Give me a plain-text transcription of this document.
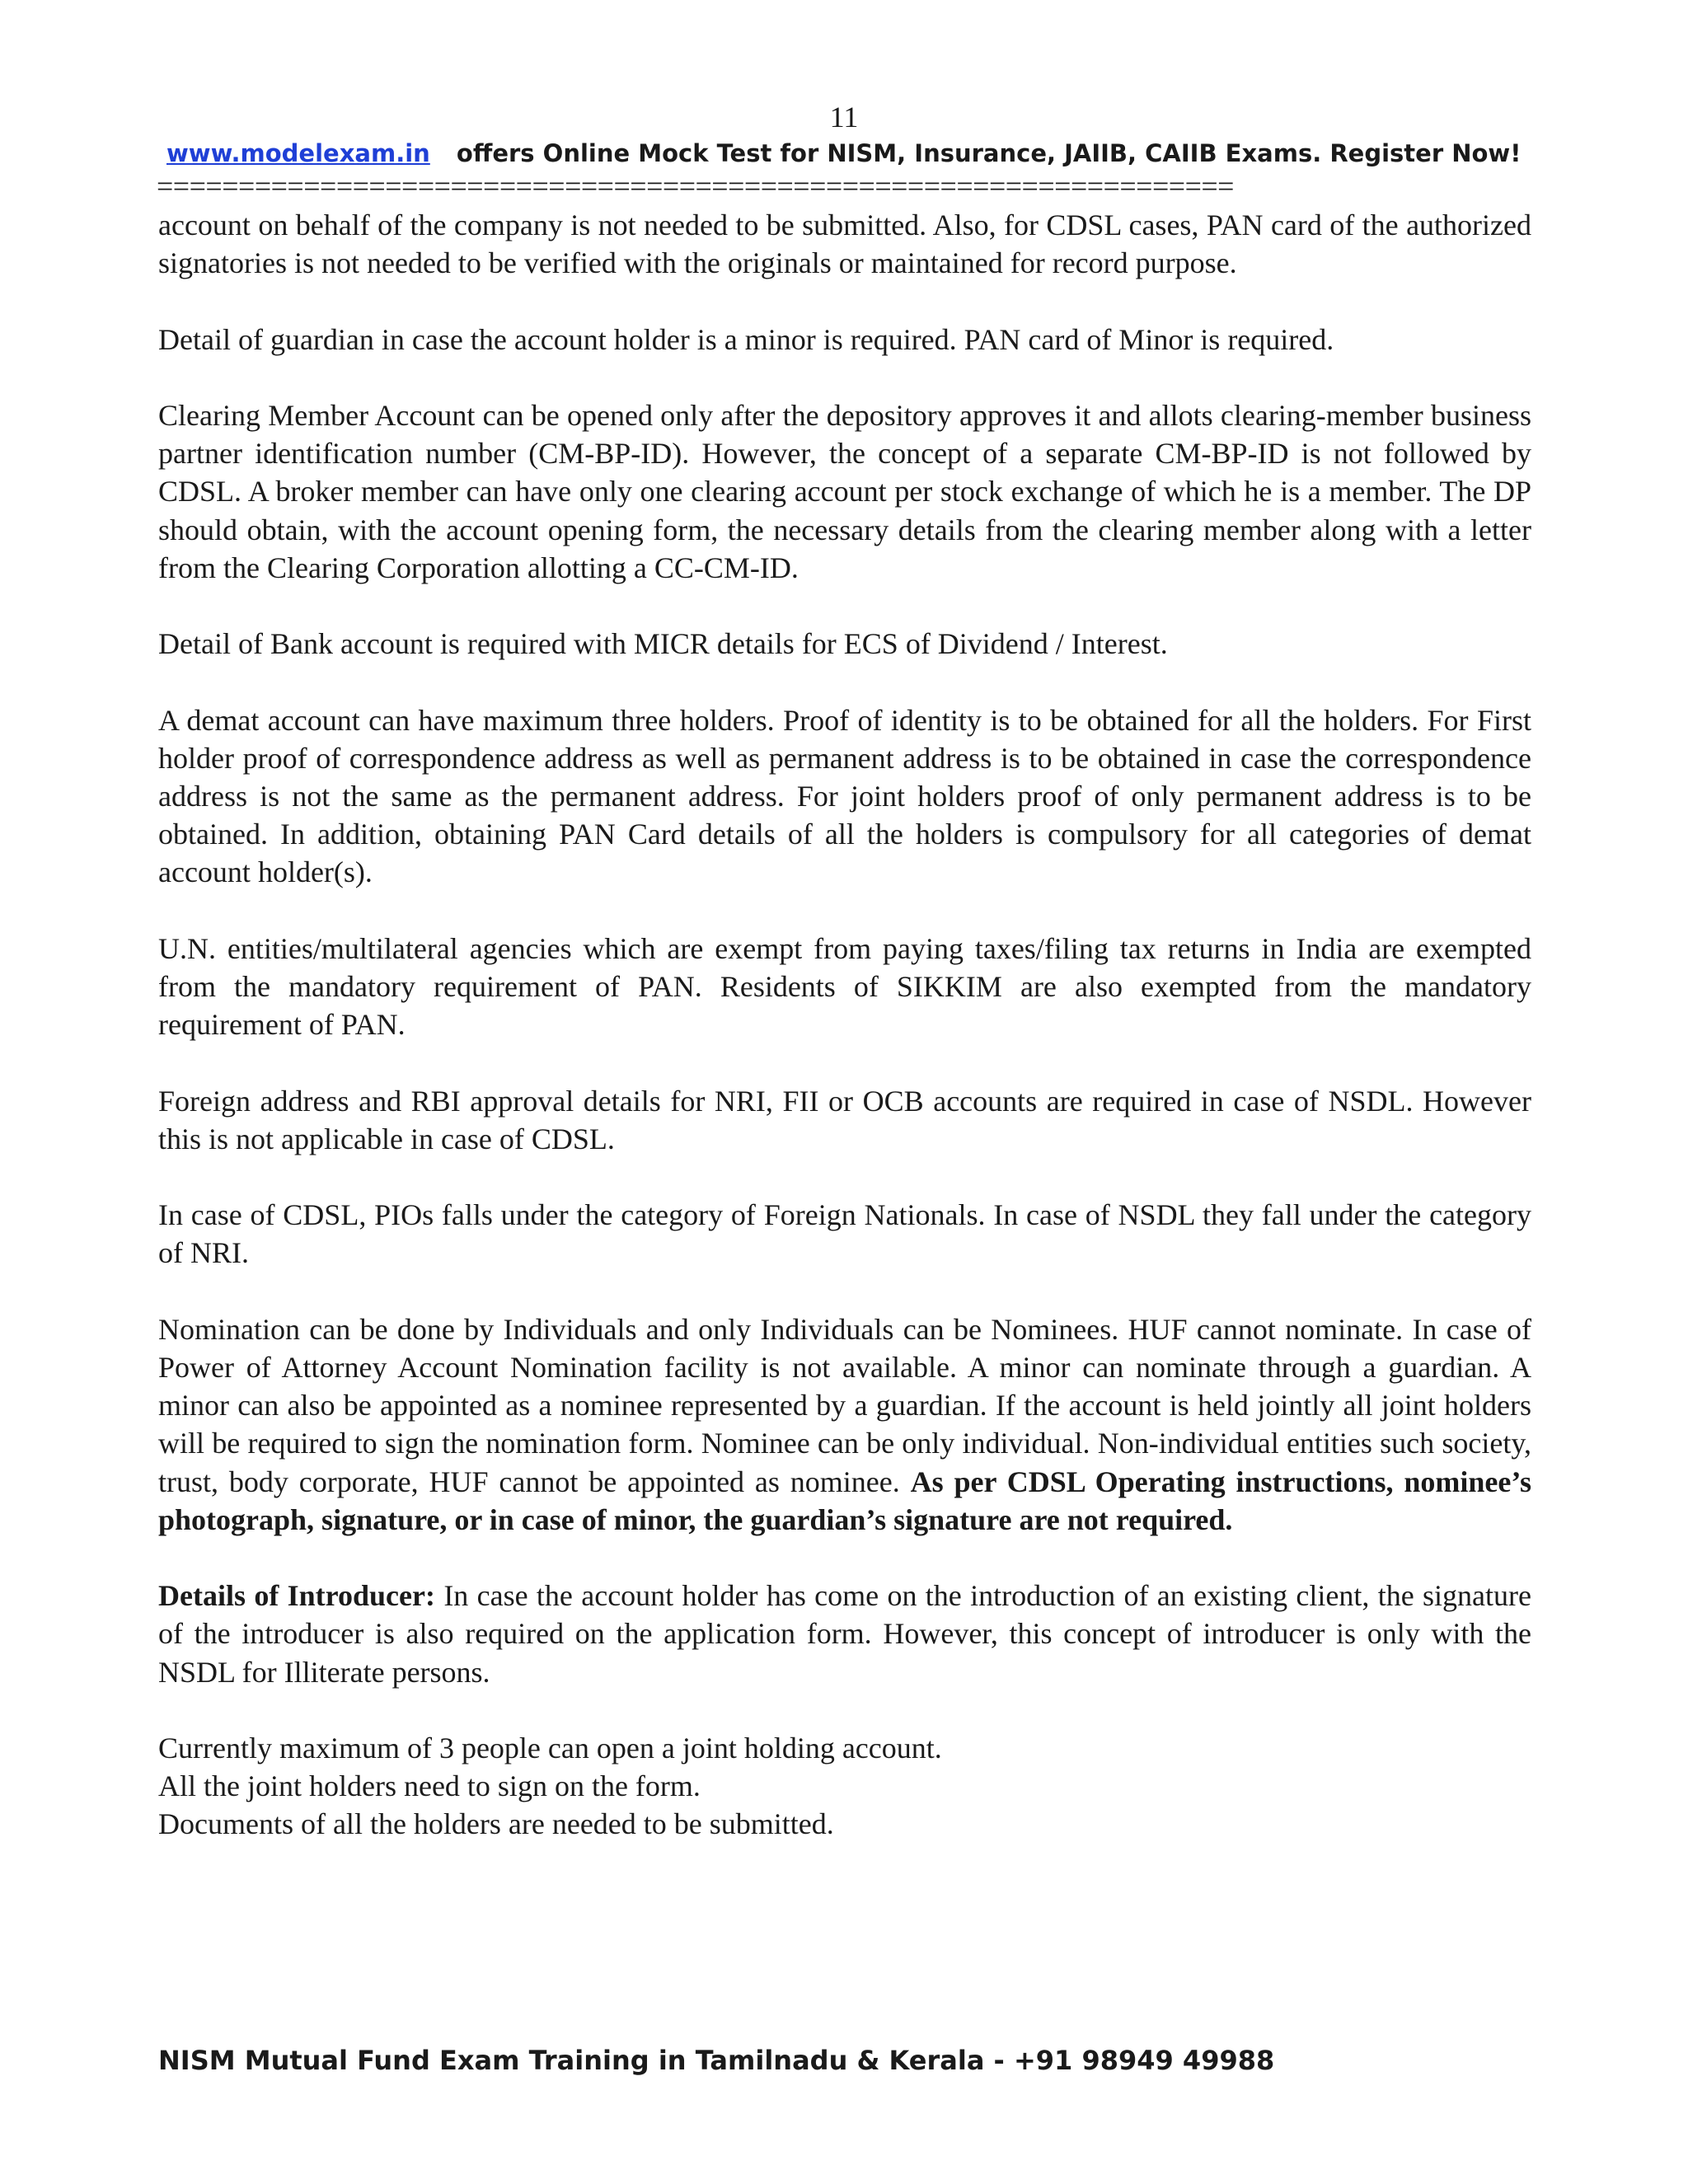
11
www.modelexam.in offers Online Mock Test for NISM, Insurance, JAIIB, CAIIB Exams. Register Now!
==================================================================

account on behalf of the company is not needed to be submitted. Also, for CDSL cases, PAN card of the authorized signatories is not needed to be verified with the originals or maintained for record purpose.

Detail of guardian in case the account holder is a minor is required. PAN card of Minor is required.

Clearing Member Account can be opened only after the depository approves it and allots clearing-member business partner identification number (CM-BP-ID). However, the concept of a separate CM-BP-ID is not followed by CDSL. A broker member can have only one clearing account per stock exchange of which he is a member. The DP should obtain, with the account opening form, the necessary details from the clearing member along with a letter from the Clearing Corporation allotting a CC-CM-ID.

Detail of Bank account is required with MICR details for ECS of Dividend / Interest.

A demat account can have maximum three holders. Proof of identity is to be obtained for all the holders. For First holder proof of correspondence address as well as permanent address is to be obtained in case the correspondence address is not the same as the permanent address. For joint holders proof of only permanent address is to be obtained. In addition, obtaining PAN Card details of all the holders is compulsory for all categories of demat account holder(s).

U.N. entities/multilateral agencies which are exempt from paying taxes/filing tax returns in India are exempted from the mandatory requirement of PAN. Residents of SIKKIM are also exempted from the mandatory requirement of PAN.

Foreign address and RBI approval details for NRI, FII or OCB accounts are required in case of NSDL. However this is not applicable in case of CDSL.

In case of CDSL, PIOs falls under the category of Foreign Nationals. In case of NSDL they fall under the category of NRI.

Nomination can be done by Individuals and only Individuals can be Nominees. HUF cannot nominate. In case of Power of Attorney Account Nomination facility is not available. A minor can nominate through a guardian. A minor can also be appointed as a nominee represented by a guardian. If the account is held jointly all joint holders will be required to sign the nomination form. Nominee can be only individual. Non-individual entities such society, trust, body corporate, HUF cannot be appointed as nominee. As per CDSL Operating instructions, nominee’s photograph, signature, or in case of minor, the guardian’s signature are not required.

Details of Introducer: In case the account holder has come on the introduction of an existing client, the signature of the introducer is also required on the application form. However, this concept of introducer is only with the NSDL for Illiterate persons.

Currently maximum of 3 people can open a joint holding account.
All the joint holders need to sign on the form.
Documents of all the holders are needed to be submitted.

NISM Mutual Fund Exam Training in Tamilnadu & Kerala - +91 98949 49988
